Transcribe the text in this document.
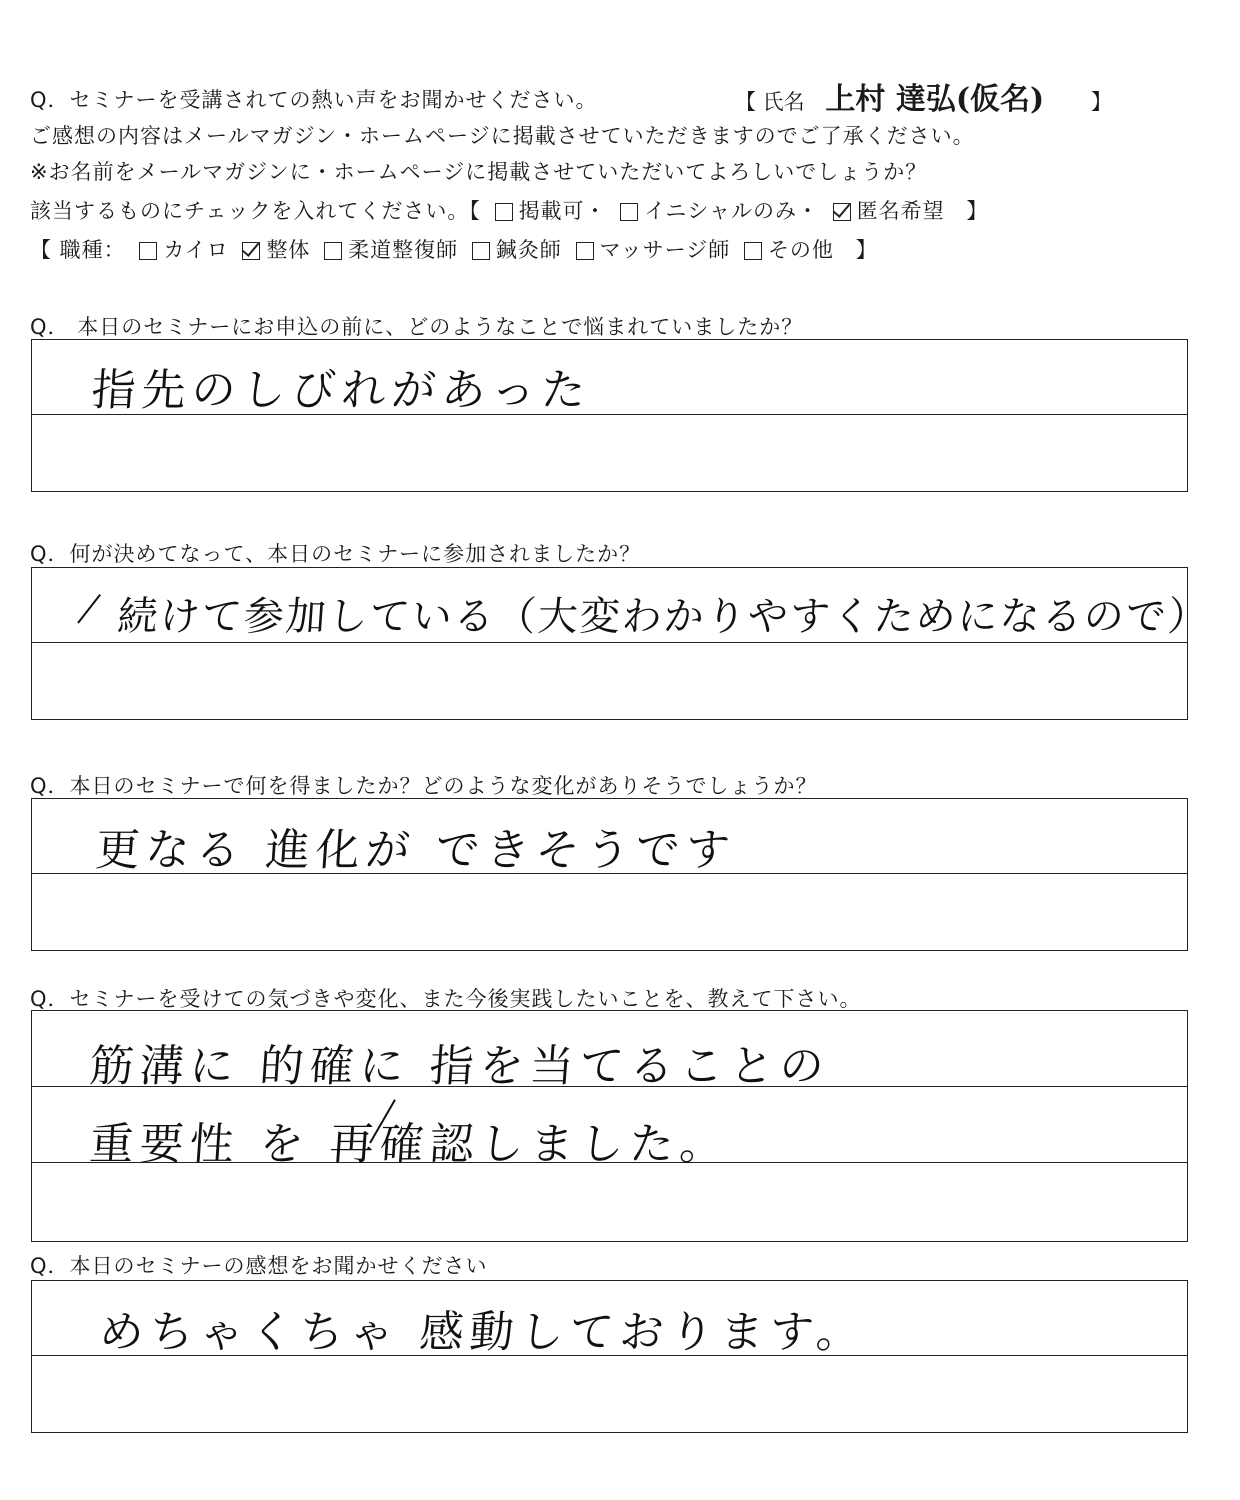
Q．セミナーを受講されての熱い声をお聞かせください。	【 氏名 上村 達弘(仮名) 】
ご感想の内容はメールマガジン・ホームページに掲載させていただきますのでご了承ください。
※お名前をメールマガジンに・ホームページに掲載させていただいてよろしいでしょうか？
該当するものにチェックを入れてください。【 掲載可・ イニシャルのみ・ 匿名希望 】
【 職種： カイロ 整体 柔道整復師 鍼灸師 マッサージ師 その他 】
Q． 本日のセミナーにお申込の前に、どのようなことで悩まれていましたか？
指先のしびれがあった
Q．何が決めてなって、本日のセミナーに参加されましたか？
続けて参加している（大変わかりやすくためになるので）
Q．本日のセミナーで何を得ましたか？どのような変化がありそうでしょうか？
更なる 進化が できそうです
Q．セミナーを受けての気づきや変化、また今後実践したいことを、教えて下さい。
筋溝に 的確に 指を当てることの
重要性 を 再確認しました。
Q．本日のセミナーの感想をお聞かせください
めちゃくちゃ 感動しております。
